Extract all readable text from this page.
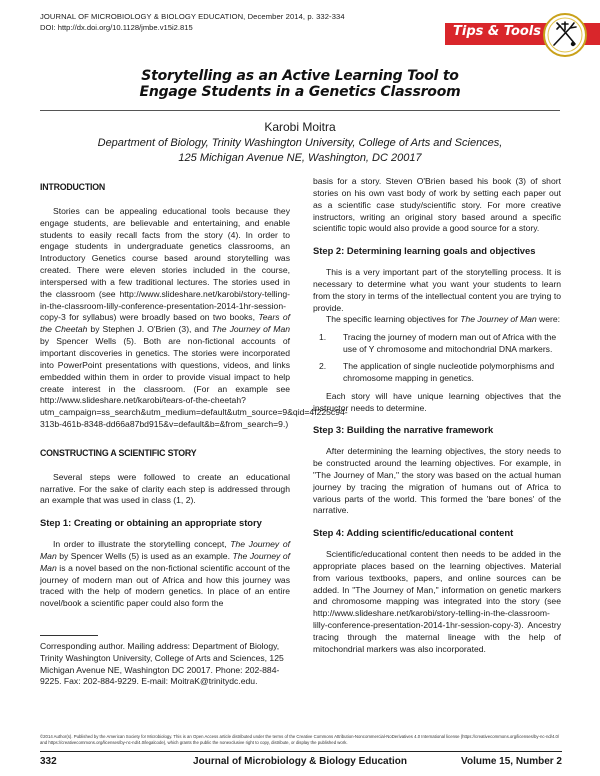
JOURNAL OF MICROBIOLOGY & BIOLOGY EDUCATION, December 2014, p. 332-334
DOI: http://dx.doi.org/10.1128/jmbe.v15i2.815	Tips & Tools
Storytelling as an Active Learning Tool to
Engage Students in a Genetics Classroom
Karobi Moitra
Department of Biology, Trinity Washington University, College of Arts and Sciences,
125 Michigan Avenue NE, Washington, DC 20017
INTRODUCTION

Stories can be appealing educational tools because they engage students, are believable and entertaining, and enable students to easily recall facts from the story (4). In order to engage students in undergraduate genetics classrooms, an Introductory Genetics course based around storytelling was created. There were eleven stories included in the course, interspersed with a few traditional lectures. The stories used in the classroom (see http://www.slideshare.net/karobi/story-telling-in-the-classroom-lilly-conference-presentation-2014-1hr-session-copy-3 for syllabus) were broadly based on two books, Tears of the Cheetah by Stephen J. O'Brien (3), and The Journey of Man by Spencer Wells (5). Both are non-fictional accounts of important discoveries in genetics. The stories were incorporated into PowerPoint presentations with questions, videos, and links embedded within them in order to provide visual impact to help create interest in the classroom. (For an example see http://www.slideshare.net/karobi/tears-of-the-cheetah?utm_campaign=ss_search&utm_medium=default&utm_source=9&qid=4f225c94-313b-461b-8348-dd66a87bd915&v=default&b=&from_search=9.)

CONSTRUCTING A SCIENTIFIC STORY

Several steps were followed to create an educational narrative. For the sake of clarity each step is addressed through an example that was used in class (1, 2).

Step 1: Creating or obtaining an appropriate story

In order to illustrate the storytelling concept, The Journey of Man by Spencer Wells (5) is used as an example. The Journey of Man is a novel based on the non-fictional scientific account of the journey of modern man out of Africa and how this journey was traced with the help of modern genetics. In place of an entire novel/book a scientific paper could also form the

basis for a story. Steven O'Brien based his book (3) of short stories on his own vast body of work by setting each paper out as a scientific case study/scientific story. For more creative instructors, writing an original story based around a specific scientific topic would also provide a good source for a story.

Step 2: Determining learning goals and objectives

This is a very important part of the storytelling process. It is necessary to determine what you want your students to learn from the story in terms of the intellectual content you are trying to provide.

The specific learning objectives for The Journey of Man were:

1.	Tracing the journey of modern man out of Africa with the use of Y chromosome and mitochondrial DNA markers.
2.	The application of single nucleotide polymorphisms and chromosome mapping in genetics.

Each story will have unique learning objectives that the instructor needs to determine.

Step 3: Building the narrative framework

After determining the learning objectives, the story needs to be constructed around the learning objectives. For example, in "The Journey of Man," the story was based on the actual human journey by tracing the migration of humans out of Africa to various parts of the world. This formed the 'bare bones' of the narrative.

Step 4: Adding scientific/educational content

Scientific/educational content then needs to be added in the appropriate places based on the learning objectives. Material from various textbooks, papers, and online sources can be added. In "The Journey of Man," information on genetic markers and chromosome mapping was integrated into the story (see http://www.slideshare.net/karobi/story-telling-in-the-classroom-lilly-conference-presentation-2014-1hr-session-copy-3). Ancestry tracing through the maternal lineage with the help of mitochondrial markers was also incorporated.

Corresponding author. Mailing address: Department of Biology, Trinity Washington University, College of Arts and Sciences, 125 Michigan Avenue NE, Washington DC 20017. Phone: 202-884-9225. Fax: 202-884-9229. E-mail: MoitraK@trinitydc.edu.
©2014 Author(s). Published by the American Society for Microbiology. This is an Open Access article distributed under the terms of the Creative Commons Attribution-Noncommercial-NoDerivatives 4.0 International license (https://creativecommons.org/licenses/by-nc-nd/4.0/ and https://creativecommons.org/licenses/by-nc-nd/4.0/legalcode), which grants the public the nonexclusive right to copy, distribute, or display the published work.
332	Journal of Microbiology & Biology Education	Volume 15, Number 2
